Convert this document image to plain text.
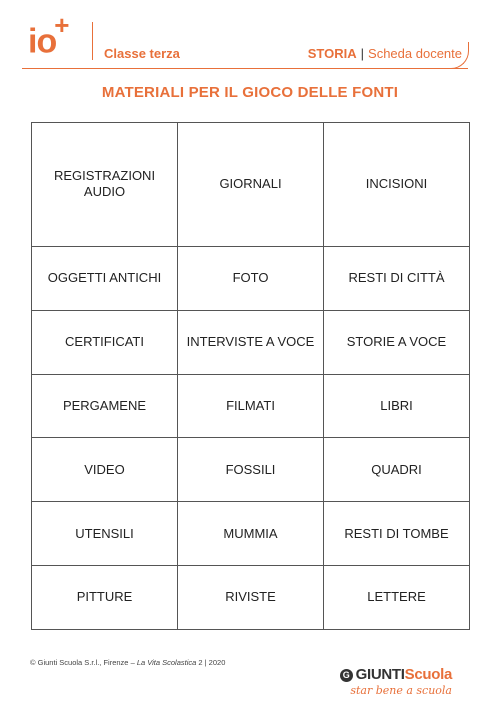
io+
Classe terza	STORIA | Scheda docente
MATERIALI PER IL GIOCO DELLE FONTI
REGISTRAZIONI AUDIO	GIORNALI	INCISIONI
OGGETTI ANTICHI	FOTO	RESTI DI CITTÀ
CERTIFICATI	INTERVISTE A VOCE	STORIE A VOCE
PERGAMENE	FILMATI	LIBRI
VIDEO	FOSSILI	QUADRI
UTENSILI	MUMMIA	RESTI DI TOMBE
PITTURE	RIVISTE	LETTERE
© Giunti Scuola S.r.l., Firenze – La Vita Scolastica 2 | 2020
G GIUNTIScuola
star bene a scuola
